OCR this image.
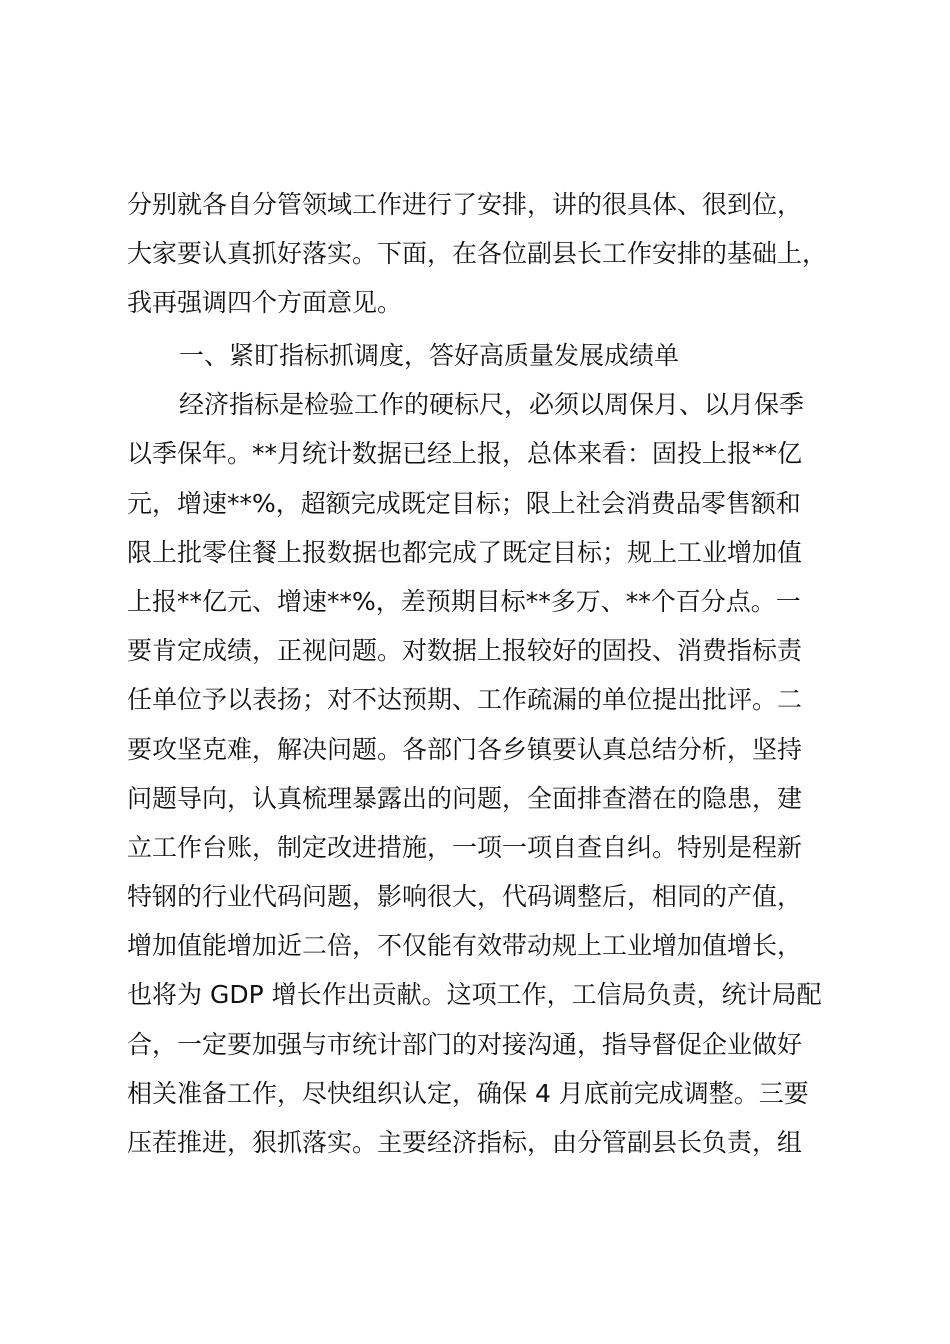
分别就各自分管领域工作进行了安排，讲的很具体、很到位，
大家要认真抓好落实。下面，在各位副县长工作安排的基础上，
我再强调四个方面意见。
一、紧盯指标抓调度，答好高质量发展成绩单
经济指标是检验工作的硬标尺，必须以周保月、以月保季
以季保年。**月统计数据已经上报，总体来看：固投上报**亿
元，增速**%，超额完成既定目标；限上社会消费品零售额和
限上批零住餐上报数据也都完成了既定目标；规上工业增加值
上报**亿元、增速**%，差预期目标**多万、**个百分点。一
要肯定成绩，正视问题。对数据上报较好的固投、消费指标责
任单位予以表扬；对不达预期、工作疏漏的单位提出批评。二
要攻坚克难，解决问题。各部门各乡镇要认真总结分析，坚持
问题导向，认真梳理暴露出的问题，全面排查潜在的隐患，建
立工作台账，制定改进措施，一项一项自查自纠。特别是程新
特钢的行业代码问题，影响很大，代码调整后，相同的产值，
增加值能增加近二倍，不仅能有效带动规上工业增加值增长，
也将为 GDP 增长作出贡献。这项工作，工信局负责，统计局配
合，一定要加强与市统计部门的对接沟通，指导督促企业做好
相关准备工作，尽快组织认定，确保 4 月底前完成调整。三要
压茬推进，狠抓落实。主要经济指标，由分管副县长负责，组
